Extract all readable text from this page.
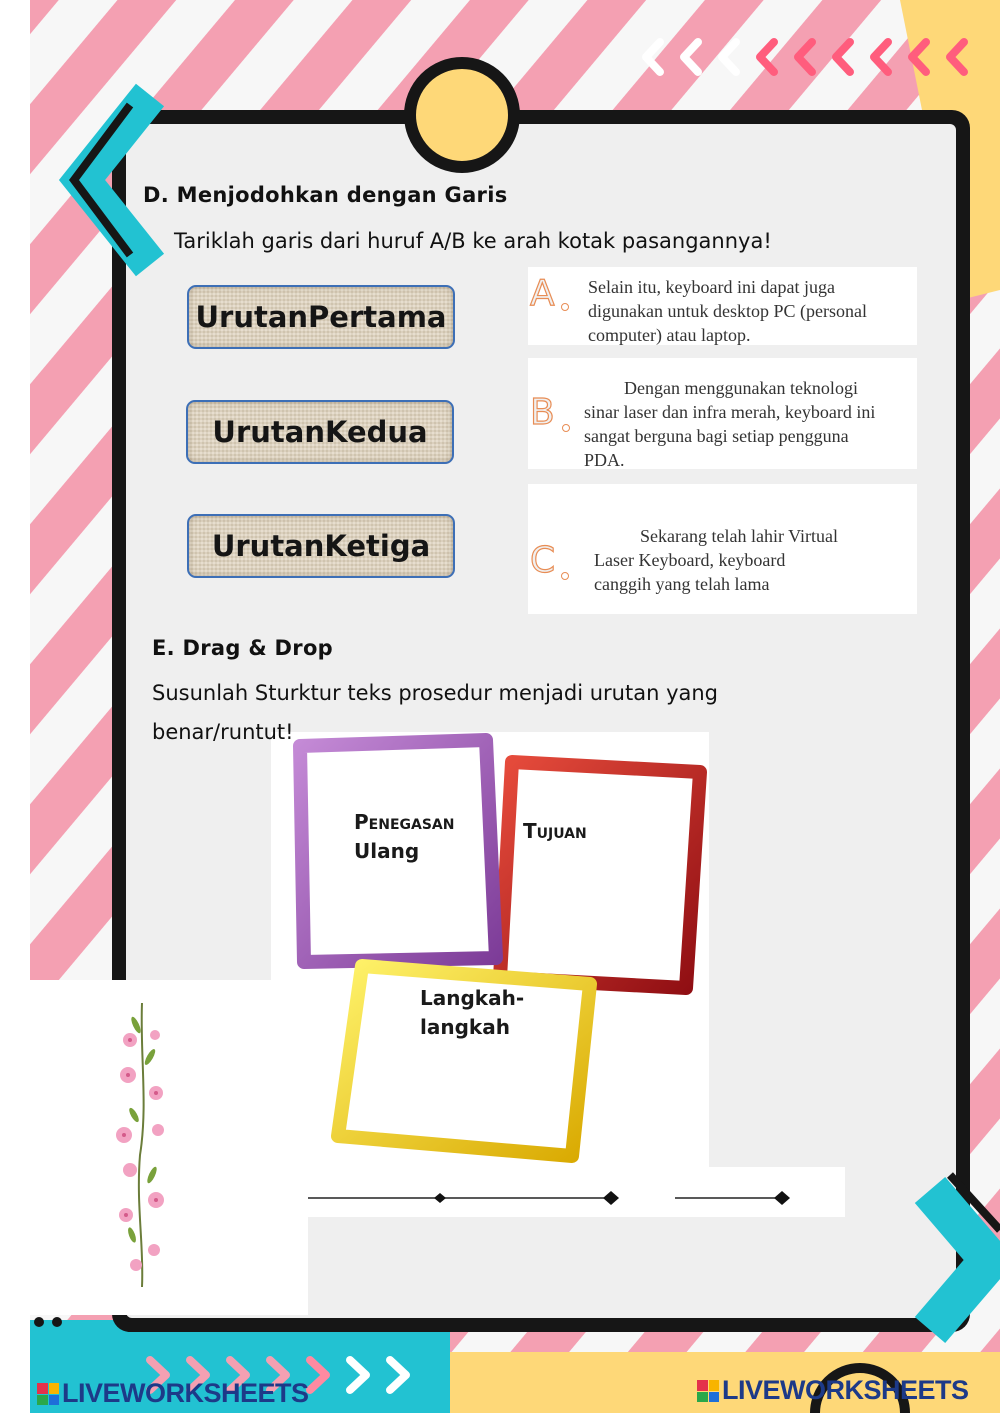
D. Menjodohkan dengan Garis
Tariklah garis dari huruf A/B ke arah kotak pasangannya!
UrutanPertama
UrutanKedua
UrutanKetiga
A Selain itu, keyboard ini dapat juga
digunakan untuk desktop PC (personal
computer) atau laptop.
B
Dengan menggunakan teknologi
sinar laser dan infra merah, keyboard ini
sangat berguna bagi setiap pengguna
PDA.
C
Sekarang telah lahir Virtual
Laser Keyboard, keyboard
canggih yang telah lama
E. Drag & Drop
Susunlah Sturktur teks prosedur menjadi urutan yang
benar/runtut!
Penegasan
Ulang
Tujuan
Langkah-
langkah
LIVEWORKSHEETS	LIVEWORKSHEETS
